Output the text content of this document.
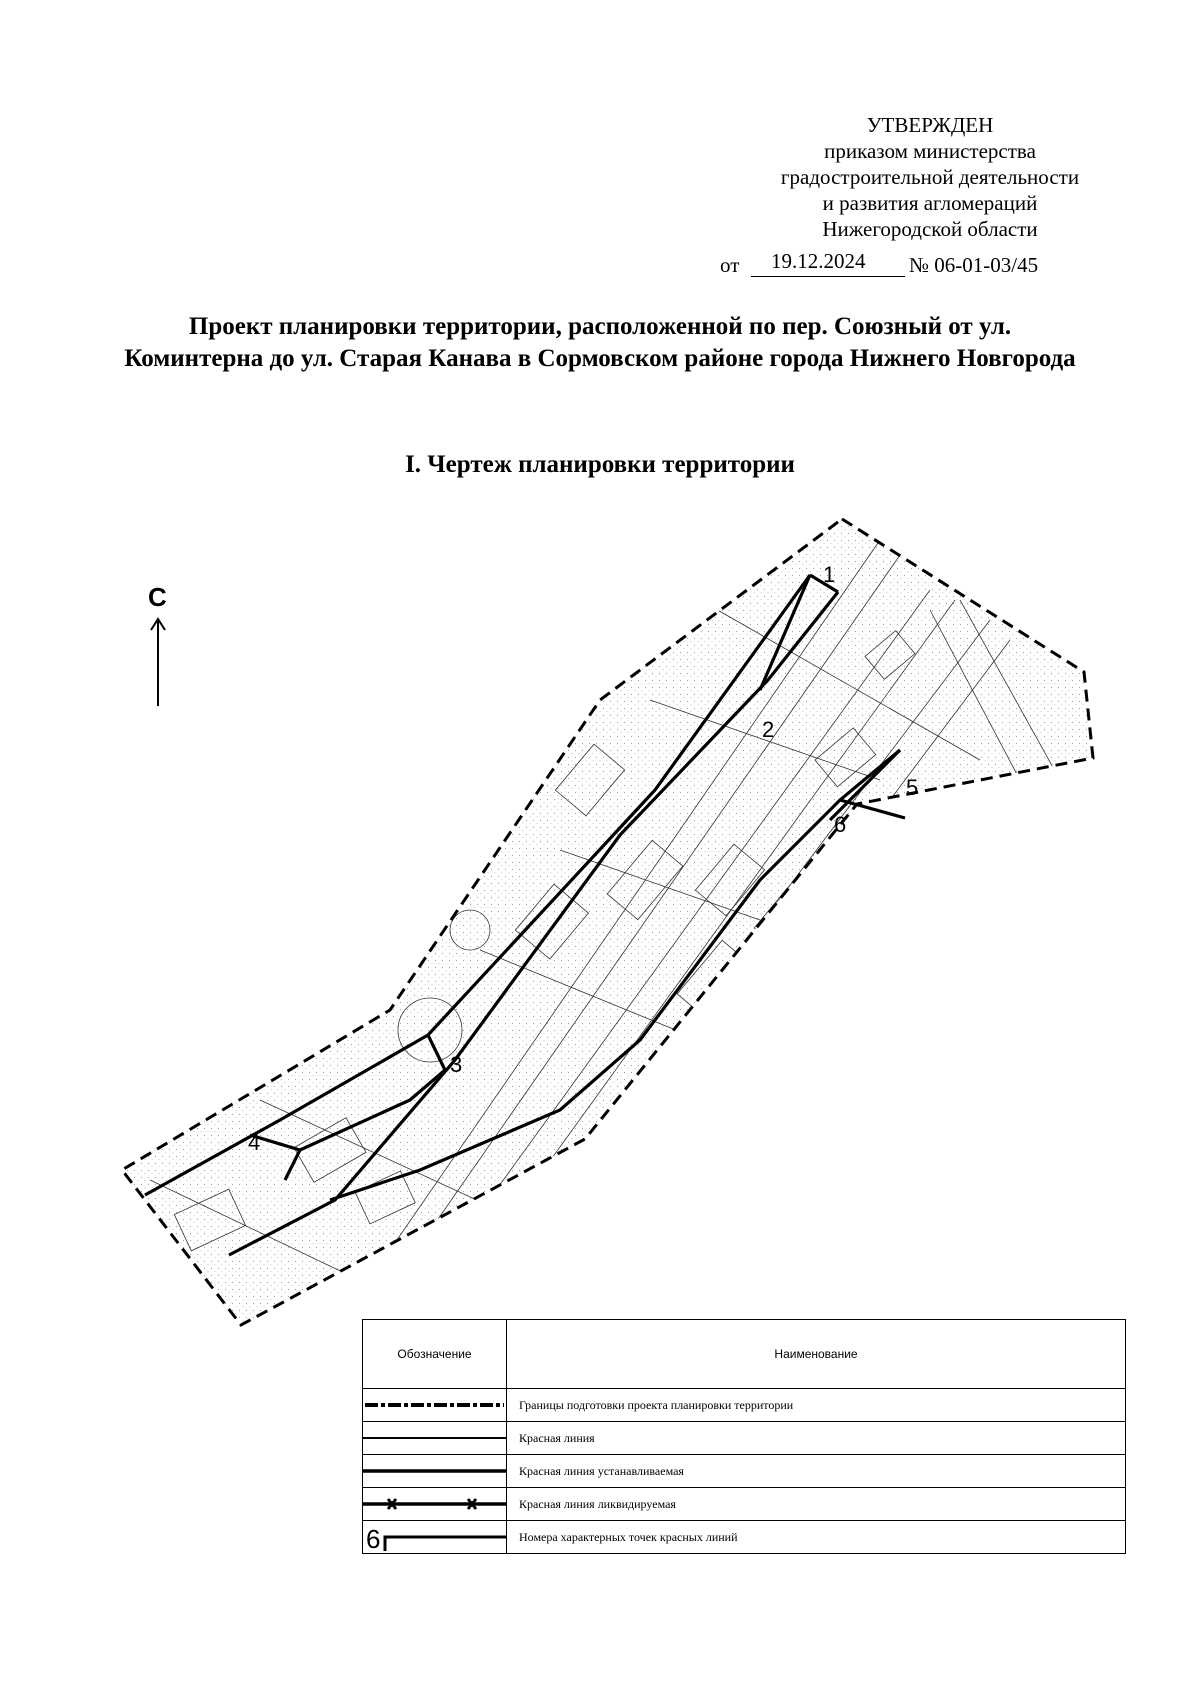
УТВЕРЖДЕН
приказом министерства
градостроительной деятельности
и развития агломераций
Нижегородской области
от 19.12.2024 № 06-01-03/45
Проект планировки территории, расположенной по пер. Союзный от ул. Коминтерна до ул. Старая Канава в Сормовском районе города Нижнего Новгорода
I. Чертеж планировки территории
С
1
2
3
4
5
6
Обозначение	Наименование

	Границы подготовки проекта планировки территории

	Красная линия

	Красная линия устанавливаемая

	Красная линия ликвидируемая

6	Номера характерных точек красных линий
